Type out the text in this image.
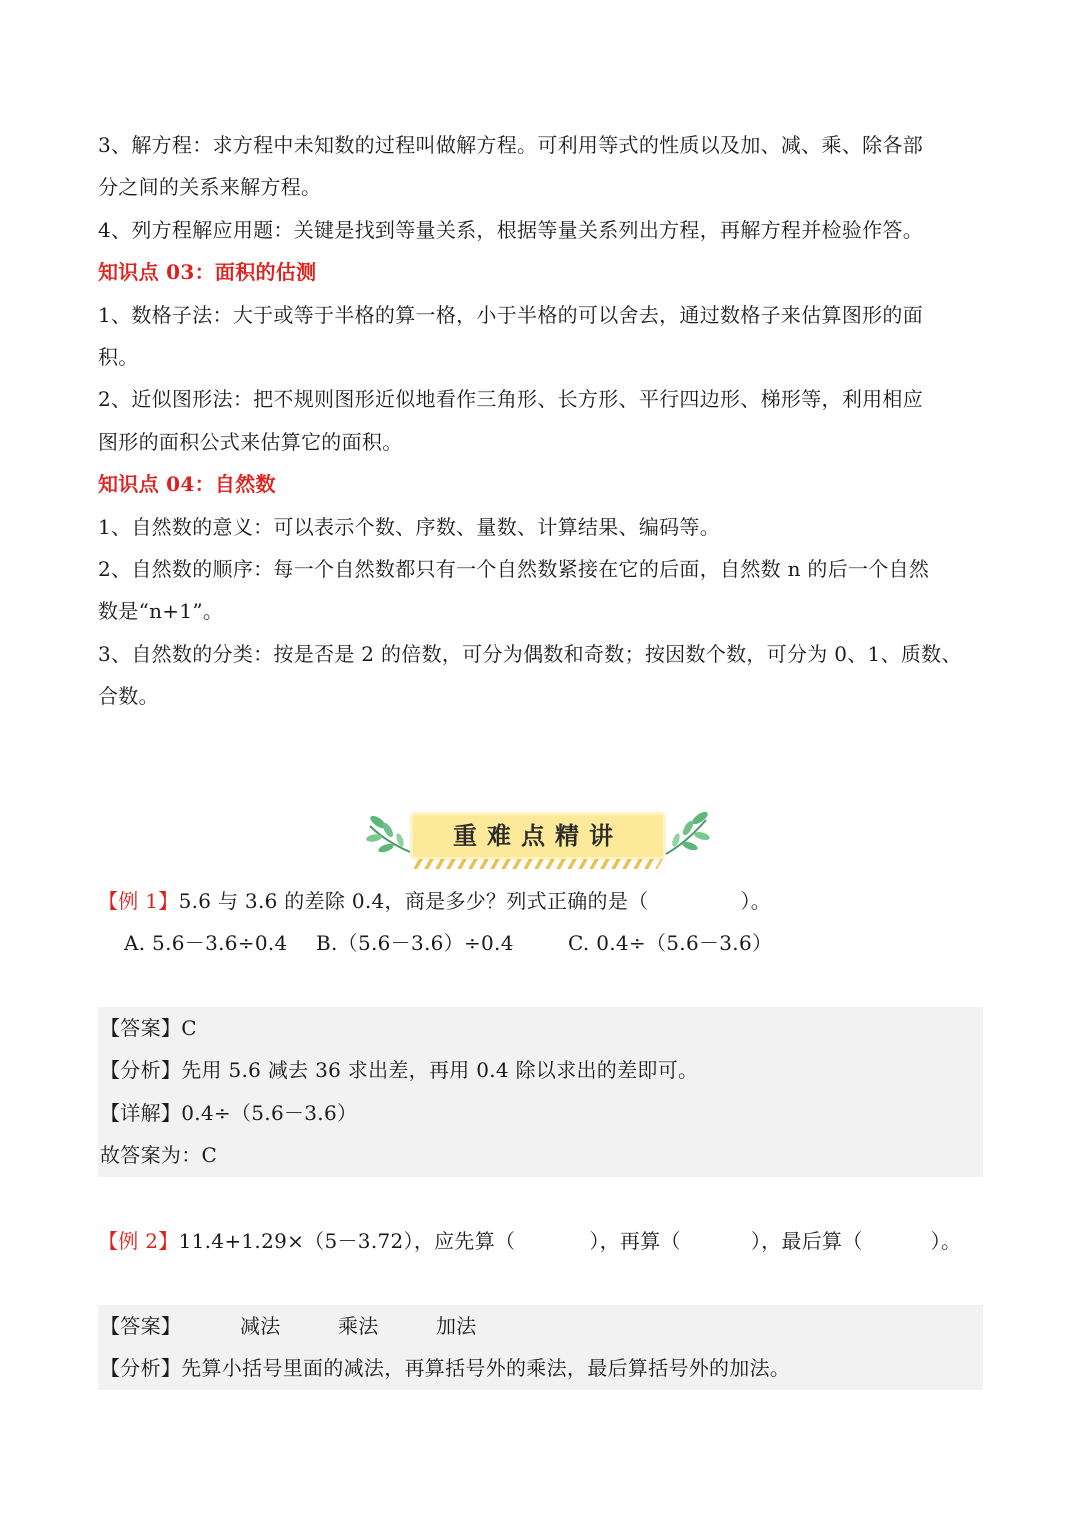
3、解方程：求方程中未知数的过程叫做解方程。可利用等式的性质以及加、减、乘、除各部
分之间的关系来解方程。
4、列方程解应用题：关键是找到等量关系，根据等量关系列出方程，再解方程并检验作答。
知识点 03：面积的估测
1、数格子法：大于或等于半格的算一格，小于半格的可以舍去，通过数格子来估算图形的面
积。
2、近似图形法：把不规则图形近似地看作三角形、长方形、平行四边形、梯形等，利用相应
图形的面积公式来估算它的面积。
知识点 04：自然数
1、自然数的意义：可以表示个数、序数、量数、计算结果、编码等。
2、自然数的顺序：每一个自然数都只有一个自然数紧接在它的后面，自然数 n 的后一个自然
数是“n+1”。
3、自然数的分类：按是否是 2 的倍数，可分为偶数和奇数；按因数个数，可分为 0、1、质数、
合数。
重难点精讲
【例 1】5.6 与 3.6 的差除 0.4，商是多少？列式正确的是（	）。
A. 5.6－3.6÷0.4 B.（5.6－3.6）÷0.4	C. 0.4÷（5.6－3.6）
【答案】C
【分析】先用 5.6 减去 36 求出差，再用 0.4 除以求出的差即可。
【详解】0.4÷（5.6－3.6）
故答案为：C
【例 2】11.4+1.29×（5－3.72），应先算（	），再算（	），最后算（	）。
【答案】	减法	乘法	加法
【分析】先算小括号里面的减法，再算括号外的乘法，最后算括号外的加法。
